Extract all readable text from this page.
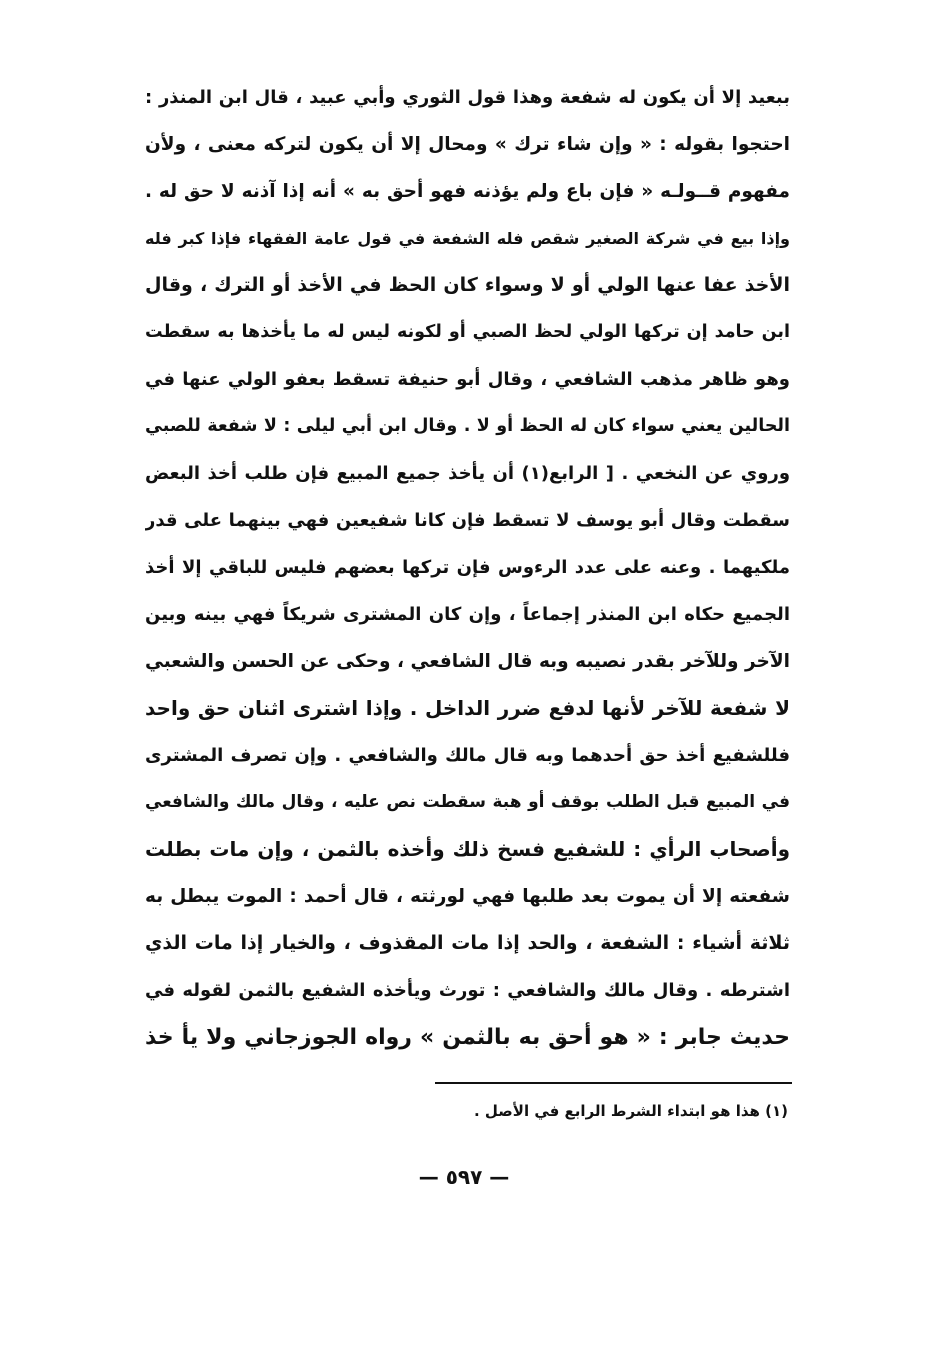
ببعيد إلا أن يكون له شفعة وهذا قول الثوري وأبي عبيد ، قال ابن المنذر :
احتجوا بقوله : « وإن شاء ترك » ومحال إلا أن يكون لتركه معنى ، ولأن
مفهوم قــولـه « فإن باع ولم يؤذنه فهو أحق به » أنه إذا آذنه لا حق له .
وإذا بيع في شركة الصغير شقص فله الشفعة في قول عامة الفقهاء فإذا كبر فله
الأخذ عفا عنها الولي أو لا وسواء كان الحظ في الأخذ أو الترك ، وقال
ابن حامد إن تركها الولي لحظ الصبي أو لكونه ليس له ما يأخذها به سقطت
وهو ظاهر مذهب الشافعي ، وقال أبو حنيفة تسقط بعفو الولي عنها في
الحالين يعني سواء كان له الحظ أو لا . وقال ابن أبي ليلى : لا شفعة للصبي
وروي عن النخعي . [ الرابع(١) أن يأخذ جميع المبيع فإن طلب أخذ البعض
سقطت وقال أبو يوسف لا تسقط فإن كانا شفيعين فهي بينهما على قدر
ملكيهما . وعنه على عدد الرءوس فإن تركها بعضهم فليس للباقي إلا أخذ
الجميع حكاه ابن المنذر إجماعاً ، وإن كان المشترى شريكاً فهي بينه وبين
الآخر وللآخر بقدر نصيبه وبه قال الشافعي ، وحكى عن الحسن والشعبي
لا شفعة للآخر لأنها لدفع ضرر الداخل . وإذا اشترى اثنان حق واحد
فللشفيع أخذ حق أحدهما وبه قال مالك والشافعي . وإن تصرف المشترى
في المبيع قبل الطلب بوقف أو هبة سقطت نص عليه ، وقال مالك والشافعي
وأصحاب الرأي : للشفيع فسخ ذلك وأخذه بالثمن ، وإن مات بطلت
شفعته إلا أن يموت بعد طلبها فهي لورثته ، قال أحمد : الموت يبطل به
ثلاثة أشياء : الشفعة ، والحد إذا مات المقذوف ، والخيار إذا مات الذي
اشترطه . وقال مالك والشافعي : تورث ويأخذه الشفيع بالثمن لقوله في
حديث جابر : « هو أحق به بالثمن » رواه الجوزجاني ولا يأ خذ
(١) هذا هو ابتداء الشرط الرابع في الأصل .
— ٥٩٧ —
